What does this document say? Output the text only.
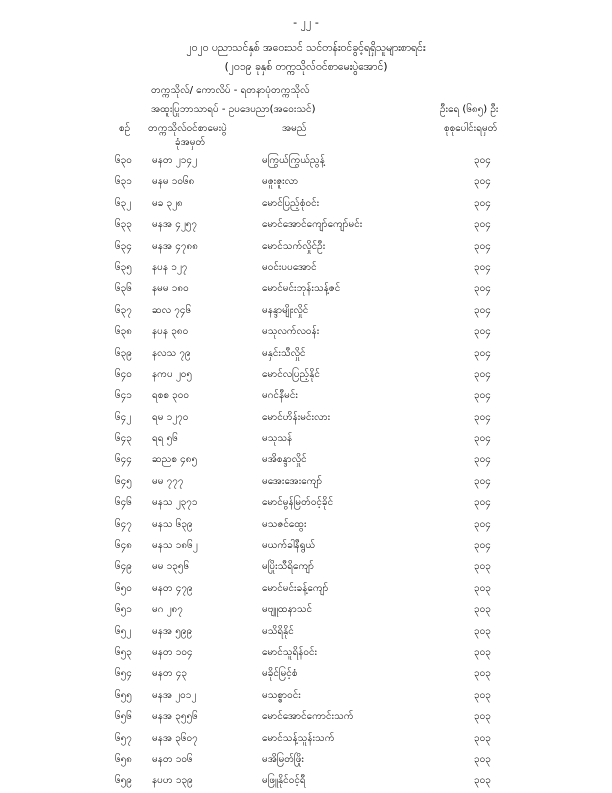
- ၂၂ -
၂၀၂၀ ပညာသင်နှစ် အဝေးသင် သင်တန်းဝင်ခွင့်ရရှိသူများစာရင်း
(၂၀၁၉ ခုနှစ် တက္ကသိုလ်ဝင်စာမေးပွဲအောင်)
တက္ကသိုလ်/ ကောလိပ် - ရတနာပုံတက္ကသိုလ်
အထူးပြုဘာသာရပ် - ဥပဒေပညာ(အဝေးသင်)	ဦးရေ (၆၈၅) ဦး
စဉ် တက္ကသိုလ်ဝင်စာမေးပွဲ
ခုံအမှတ်
အမည်	စုစုပေါင်းရမှတ်
၆၃၀ မနတ ၂၁၄၂	မကြွယ်ကြွယ်ညွန့်	၃၀၄
၆၃၁ မနမ ၁၀၆၈	မဇူးဇူးလာ	၃၀၄
၆၃၂ မခ ၃၂၈	မောင်ပြည့်စုံဝင်း	၃၀၄
၆၃၃ မနအ ၄၂၅၇	မောင်အောင်ကျော်ကျော်မင်း	၃၀၄
၆၃၄ မနအ ၄၇၈၈	မောင်သက်လှိုင်ဦး	၃၀၄
၆၃၅ နပန ၁၂၇	မဝင်းပပအောင်	၃၀၄
၆၃၆ နမမ ၁၈၀	မောင်မင်းဘုန်းသန့်ဇင်	၃၀၄
၆၃၇ ဆလ ၇၄၆	မနန္ဒာမျိုးလှိုင်	၃၀၄
၆၃၈ နပန ၃၈၀	မသုလက်လဝန်း	၃၀၄
၆၃၉ နလသ ၇၉	မနှင်းသီလှိုင်	၃၀၄
၆၄၀ နကပ ၂၀၅	မောင်လပြည့်နိုင်	၃၀၄
၆၄၁ ရစစ ၃၀၀	မဂင်နီမင်း	၃၀၄
၆၄၂ ရမ ၁၂၇၀	မောင်ဟိန်းမင်းလား	၃၀၄
၆၄၃ ရရ ၅၆	မသုသန်	၃၀၄
၆၄၄ ဆညစ ၄၈၅	မအိစန္ဒာလှိုင်	၃၀၄
၆၄၅ မမ ၇၇၇	မအေးအေးကျော်	၃၀၄
၆၄၆ မနသ ၂၃၇၁	မောင်မွန်မြတ်ဝင့်ခိုင်	၃၀၄
၆၄၇ မနသ ၆၃၉	မသဇင်ထွေး	၃၀၄
၆၄၈ မနသ ၁၈၆၂	မယက်ခါနီရွယ်	၃၀၄
၆၄၉ မမ ၁၃၅၆	မပြိုးသီရိကျော်	၃၀၃
၆၅၀ မနတ ၄၇၉	မောင်မင်းခန့်ကျော်	၃၀၃
၆၅၁ မဂ ၂၈၇	မဗျူထနာသင်	၃၀၃
၆၅၂ မနအ ၅၉၉	မသိရိနိုင်	၃၀၃
၆၅၃ မနတ ၁၀၄	မောင်သူရိန်ဝင်း	၃၀၃
၆၅၄ မနတ ၄၃	မခိုင်မြင့်စံ	၃၀၃
၆၅၅ မနအ ၂၀၁၂	မသစ္စာဝင်း	၃၀၃
၆၅၆ မနအ ၃၅၅၆	မောင်အောင်ကောင်းသက်	၃၀၃
၆၅၇ မနအ ၃၆၀၇	မောင်သန့်သူန်းသက်	၃၀၃
၆၅၈ မနတ ၁၀၆	မအိမြတ်ဖြိုး	၃၀၃
၆၅၉ နပဟ ၁၃၉	မဖြူနိုင်ဝင့်ရီ	၃၀၃
